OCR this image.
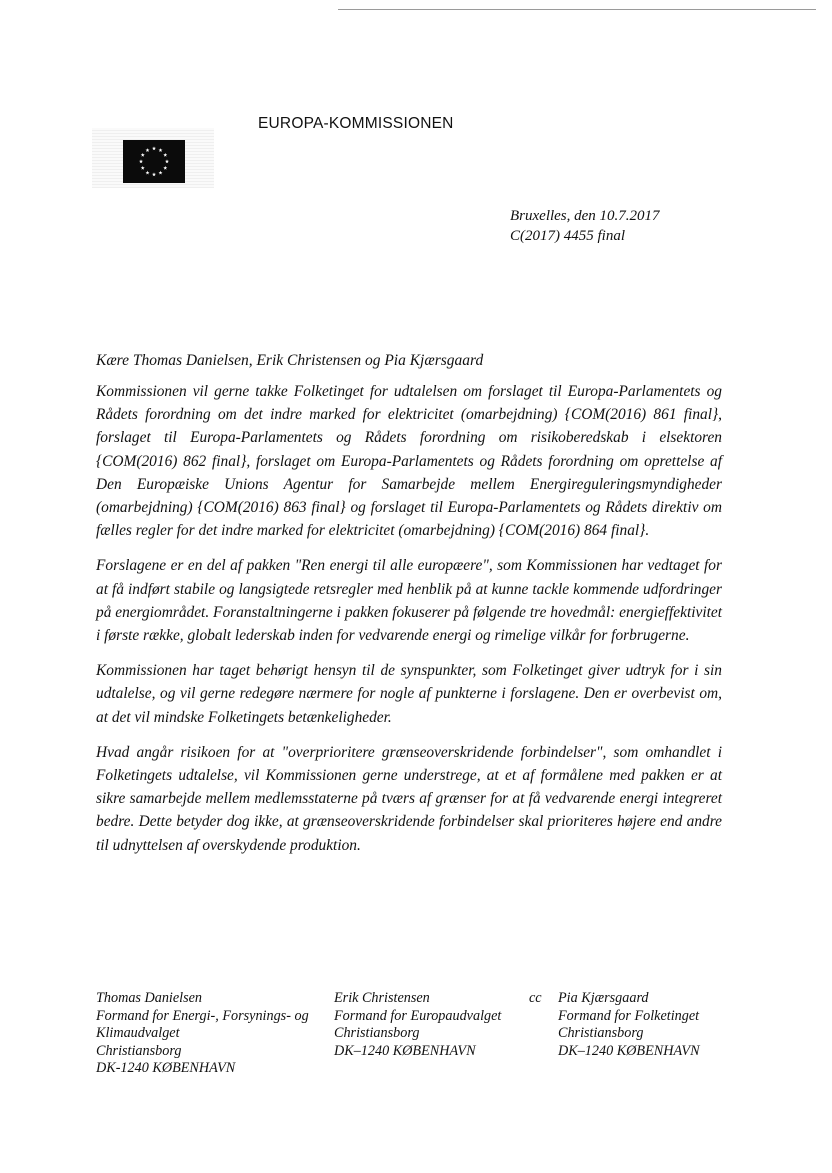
EUROPA-KOMMISSIONEN
Bruxelles, den 10.7.2017
C(2017) 4455 final
Kære Thomas Danielsen, Erik Christensen og Pia Kjærsgaard

Kommissionen vil gerne takke Folketinget for udtalelsen om forslaget til Europa-Parlamentets og Rådets forordning om det indre marked for elektricitet (omarbejdning) {COM(2016) 861 final}, forslaget til Europa-Parlamentets og Rådets forordning om risikoberedskab i elsektoren {COM(2016) 862 final}, forslaget om Europa-Parlamentets og Rådets forordning om oprettelse af Den Europæiske Unions Agentur for Samarbejde mellem Energireguleringsmyndigheder (omarbejdning) {COM(2016) 863 final} og forslaget til Europa-Parlamentets og Rådets direktiv om fælles regler for det indre marked for elektricitet (omarbejdning) {COM(2016) 864 final}.

Forslagene er en del af pakken "Ren energi til alle europæere", som Kommissionen har vedtaget for at få indført stabile og langsigtede retsregler med henblik på at kunne tackle kommende udfordringer på energiområdet. Foranstaltningerne i pakken fokuserer på følgende tre hovedmål: energieffektivitet i første række, globalt lederskab inden for vedvarende energi og rimelige vilkår for forbrugerne.

Kommissionen har taget behørigt hensyn til de synspunkter, som Folketinget giver udtryk for i sin udtalelse, og vil gerne redegøre nærmere for nogle af punkterne i forslagene. Den er overbevist om, at det vil mindske Folketingets betænkeligheder.

Hvad angår risikoen for at "overprioritere grænseoverskridende forbindelser", som omhandlet i Folketingets udtalelse, vil Kommissionen gerne understrege, at et af formålene med pakken er at sikre samarbejde mellem medlemsstaterne på tværs af grænser for at få vedvarende energi integreret bedre. Dette betyder dog ikke, at grænseoverskridende forbindelser skal prioriteres højere end andre til udnyttelsen af overskydende produktion.

Thomas Danielsen
Formand for Energi-, Forsynings- og
Klimaudvalget
Christiansborg
DK-1240 KØBENHAVN
Erik Christensen
Formand for Europaudvalget
Christiansborg
DK–1240 KØBENHAVN
cc Pia Kjærsgaard
Formand for Folketinget
Christiansborg
DK–1240 KØBENHAVN
